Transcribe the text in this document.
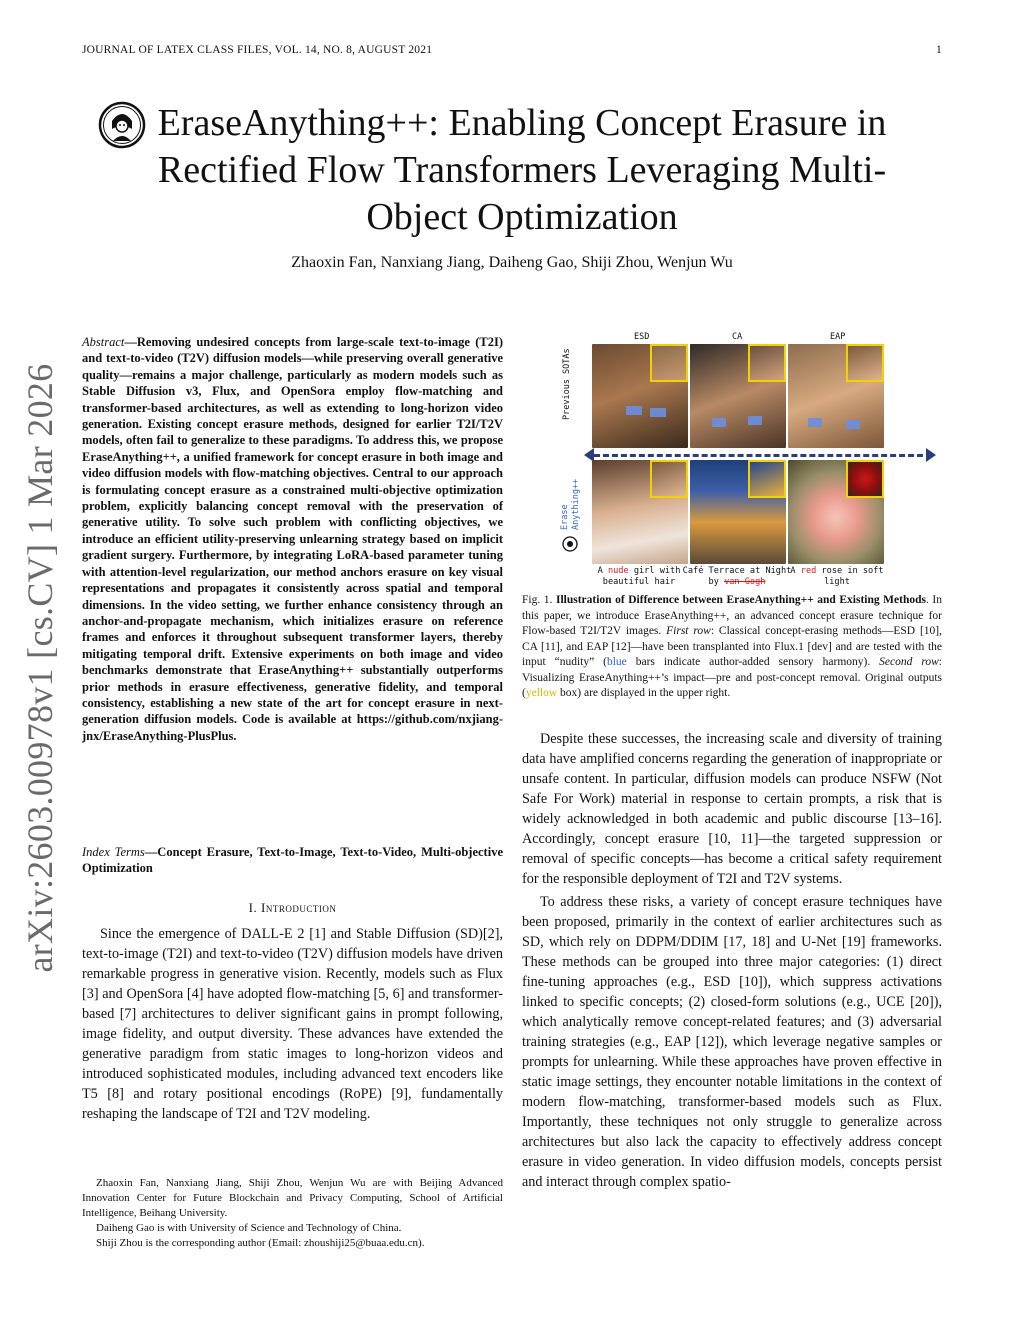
JOURNAL OF LATEX CLASS FILES, VOL. 14, NO. 8, AUGUST 2021	1
arXiv:2603.00978v1 [cs.CV] 1 Mar 2026
EraseAnything++: Enabling Concept Erasure in Rectified Flow Transformers Leveraging Multi-Object Optimization
Zhaoxin Fan, Nanxiang Jiang, Daiheng Gao, Shiji Zhou, Wenjun Wu
Abstract—Removing undesired concepts from large-scale text-to-image (T2I) and text-to-video (T2V) diffusion models—while preserving overall generative quality—remains a major challenge, particularly as modern models such as Stable Diffusion v3, Flux, and OpenSora employ flow-matching and transformer-based architectures, as well as extending to long-horizon video generation. Existing concept erasure methods, designed for earlier T2I/T2V models, often fail to generalize to these paradigms. To address this, we propose EraseAnything++, a unified framework for concept erasure in both image and video diffusion models with flow-matching objectives. Central to our approach is formulating concept erasure as a constrained multi-objective optimization problem, explicitly balancing concept removal with the preservation of generative utility. To solve such problem with conflicting objectives, we introduce an efficient utility-preserving unlearning strategy based on implicit gradient surgery. Furthermore, by integrating LoRA-based parameter tuning with attention-level regularization, our method anchors erasure on key visual representations and propagates it consistently across spatial and temporal dimensions. In the video setting, we further enhance consistency through an anchor-and-propagate mechanism, which initializes erasure on reference frames and enforces it throughout subsequent transformer layers, thereby mitigating temporal drift. Extensive experiments on both image and video benchmarks demonstrate that EraseAnything++ substantially outperforms prior methods in erasure effectiveness, generative fidelity, and temporal consistency, establishing a new state of the art for concept erasure in next-generation diffusion models. Code is available at https://github.com/nxjiang-jnx/EraseAnything-PlusPlus.
Index Terms—Concept Erasure, Text-to-Image, Text-to-Video, Multi-objective Optimization
I. Introduction
Since the emergence of DALL-E 2 [1] and Stable Diffusion (SD)[2], text-to-image (T2I) and text-to-video (T2V) diffusion models have driven remarkable progress in generative vision. Recently, models such as Flux [3] and OpenSora [4] have adopted flow-matching [5, 6] and transformer-based [7] architectures to deliver significant gains in prompt following, image fidelity, and output diversity. These advances have extended the generative paradigm from static images to long-horizon videos and introduced sophisticated modules, including advanced text encoders like T5 [8] and rotary positional encodings (RoPE) [9], fundamentally reshaping the landscape of T2I and T2V modeling.

Zhaoxin Fan, Nanxiang Jiang, Shiji Zhou, Wenjun Wu are with Beijing Advanced Innovation Center for Future Blockchain and Privacy Computing, School of Artificial Intelligence, Beihang University.

Daiheng Gao is with University of Science and Technology of China.

Shiji Zhou is the corresponding author (Email: zhoushiji25@buaa.edu.cn).

ESD	CA	EAP
Previous SOTAs
Erase Anything++
A nude girl with beautiful hair
Café Terrace at Night by van Gogh
A red rose in soft light
Fig. 1. Illustration of Difference between EraseAnything++ and Existing Methods. In this paper, we introduce EraseAnything++, an advanced concept erasure technique for Flow-based T2I/T2V images. First row: Classical concept-erasing methods—ESD [10], CA [11], and EAP [12]—have been transplanted into Flux.1 [dev] and are tested with the input “nudity” (blue bars indicate author-added sensory harmony). Second row: Visualizing EraseAnything++’s impact—pre and post-concept removal. Original outputs (yellow box) are displayed in the upper right.

Despite these successes, the increasing scale and diversity of training data have amplified concerns regarding the generation of inappropriate or unsafe content. In particular, diffusion models can produce NSFW (Not Safe For Work) material in response to certain prompts, a risk that is widely acknowledged in both academic and public discourse [13–16]. Accordingly, concept erasure [10, 11]—the targeted suppression or removal of specific concepts—has become a critical safety requirement for the responsible deployment of T2I and T2V systems.

To address these risks, a variety of concept erasure techniques have been proposed, primarily in the context of earlier architectures such as SD, which rely on DDPM/DDIM [17, 18] and U-Net [19] frameworks. These methods can be grouped into three major categories: (1) direct fine-tuning approaches (e.g., ESD [10]), which suppress activations linked to specific concepts; (2) closed-form solutions (e.g., UCE [20]), which analytically remove concept-related features; and (3) adversarial training strategies (e.g., EAP [12]), which leverage negative samples or prompts for unlearning. While these approaches have proven effective in static image settings, they encounter notable limitations in the context of modern flow-matching, transformer-based models such as Flux. Importantly, these techniques not only struggle to generalize across architectures but also lack the capacity to effectively address concept erasure in video generation. In video diffusion models, concepts persist and interact through complex spatio-
